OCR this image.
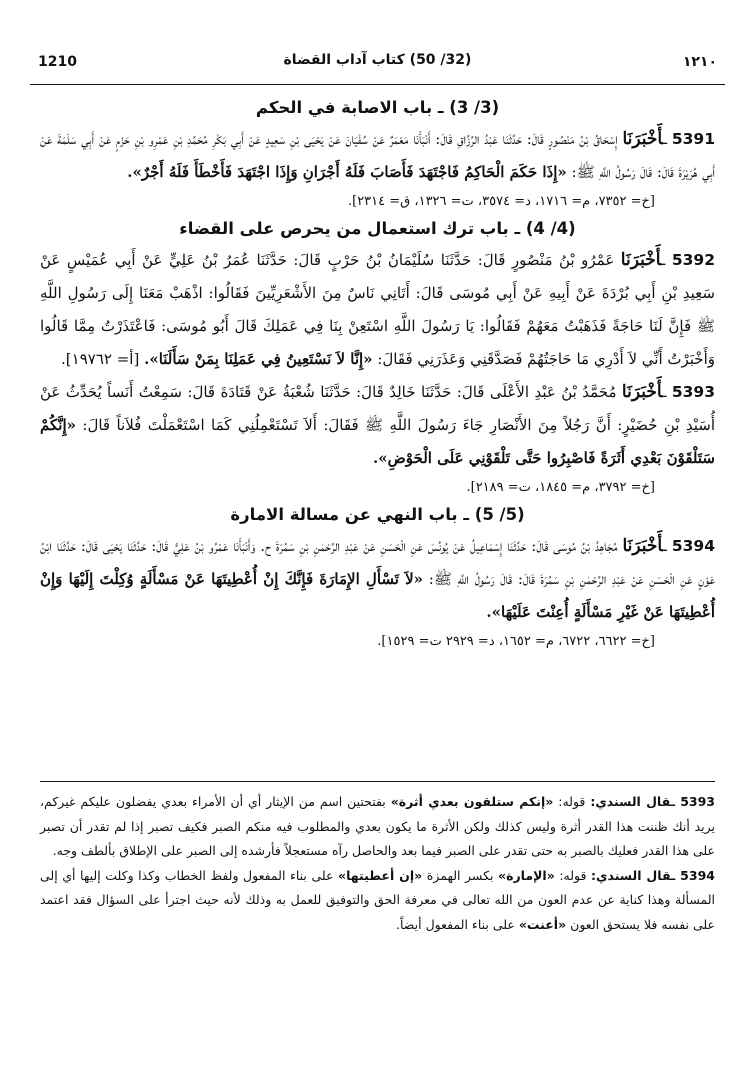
1210	(32/ 50) كتاب آداب القضاة	١٢١٠
(3/ 3) ـ باب الاصابة في الحكم

5391 ـأَخْبَرَنَا إِسْحَاقُ بْنُ مَنْصُورٍ قَالَ: حَدَّثَنَا عَبْدُ الرَّزَّاقِ قَالَ: أَنْبَأَنَا مَعْمَرٌ عَنْ سُفْيَانَ عَنْ يَحْيَى بْنِ سَعِيدٍ عَنْ أَبِي بَكْرِ مُحَمَّدِ بْنِ عَمْرِو بْنِ حَزْمٍ عَنْ أَبِي سَلَمَةَ عَنْ أَبِي هُرَيْرَةَ قَالَ: قَالَ رَسُولُ اللَّهِ ﷺ: «إِذَا حَكَمَ الْحَاكِمُ فَاجْتَهَدَ فَأَصَابَ فَلَهُ أَجْرَانِ وَإِذَا اجْتَهَدَ فَأَخْطَأَ فَلَهُ أَجْرٌ».

[خ= ٧٣٥٢، م= ١٧١٦، د= ٣٥٧٤، ت= ١٣٢٦، ق= ٢٣١٤].

(4/ 4) ـ باب ترك استعمال من يحرص على القضاء

5392 ـأَخْبَرَنَا عَمْرُو بْنُ مَنْصُورٍ قَالَ: حَدَّثَنَا سُلَيْمَانُ بْنُ حَرْبٍ قَالَ: حَدَّثَنَا عُمَرُ بْنُ عَلِيٍّ عَنْ أَبِي عُمَيْسٍ عَنْ سَعِيدِ بْنِ أَبِي بُرْدَةَ عَنْ أَبِيهِ عَنْ أَبِي مُوسَى قَالَ: أَتَانِي نَاسٌ مِنَ الأَشْعَرِيِّينَ فَقَالُوا: اذْهَبْ مَعَنَا إِلَى رَسُولِ اللَّهِ ﷺ فَإِنَّ لَنَا حَاجَةً فَذَهَبْتُ مَعَهُمْ فَقَالُوا: يَا رَسُولَ اللَّهِ اسْتَعِنْ بِنَا فِي عَمَلِكَ قَالَ أَبُو مُوسَى: فَاعْتَذَرْتُ مِمَّا قَالُوا وَأَخْبَرْتُ أَنِّي لاَ أَدْرِي مَا حَاجَتُهُمْ فَصَدَّقَنِي وَعَذَرَنِي فَقَالَ: «إِنَّا لاَ نَسْتَعِينُ فِي عَمَلِنَا بِمَنْ سَأَلَنَا». [أ= ١٩٧٦٢].

5393 ـأَخْبَرَنَا مُحَمَّدُ بْنُ عَبْدِ الأَعْلَى قَالَ: حَدَّثَنَا خَالِدٌ قَالَ: حَدَّثَنَا شُعْبَةُ عَنْ قَتَادَةَ قَالَ: سَمِعْتُ أَنَساً يُحَدِّثُ عَنْ أُسَيْدِ بْنِ حُضَيْرٍ: أَنَّ رَجُلاً مِنَ الأَنْصَارِ جَاءَ رَسُولَ اللَّهِ ﷺ فَقَالَ: أَلاَ تَسْتَعْمِلُنِي كَمَا اسْتَعْمَلْتَ فُلاَناً قَالَ: «إِنَّكُمْ سَتَلْقَوْنَ بَعْدِي أَثَرَةً فَاصْبِرُوا حَتَّى تَلْقَوْنِي عَلَى الْحَوْضِ».

[خ= ٣٧٩٢، م= ١٨٤٥، ت= ٢١٨٩].

(5/ 5) ـ باب النهي عن مسالة الامارة

5394 ـأَخْبَرَنَا مُجَاهِدُ بْنُ مُوسَى قَالَ: حَدَّثَنَا إِسْمَاعِيلُ عَنْ يُونُسَ عَنِ الْحَسَنِ عَنْ عَبْدِ الرَّحْمٰنِ بْنِ سَمُرَةَ ح. وَأَنْبَأَنَا عَمْرُو بْنُ عَلِيٍّ قَالَ: حَدَّثَنَا يَحْيَى قَالَ: حَدَّثَنَا ابْنُ عَوْنٍ عَنِ الْحَسَنِ عَنْ عَبْدِ الرَّحْمٰنِ بْنِ سَمُرَةَ قَالَ: قَالَ رَسُولُ اللَّهِ ﷺ: «لاَ تَسْأَلِ الإِمَارَةَ فَإِنَّكَ إِنْ أُعْطِيتَهَا عَنْ مَسْأَلَةٍ وُكِلْتَ إِلَيْهَا وَإِنْ أُعْطِيتَهَا عَنْ غَيْرِ مَسْأَلَةٍ أُعِنْتَ عَلَيْهَا».

[خ= ٦٦٢٢، ٦٧٢٢، م= ١٦٥٢، د= ٢٩٢٩ ت= ١٥٢٩].

5393 ـقال السندي: قوله: «إنكم ستلقون بعدي أثرة» بفتحتين اسم من الإيثار أي أن الأمراء بعدي يفضلون عليكم غيركم، يريد أنك ظننت هذا القدر أثرة وليس كذلك ولكن الأثرة ما يكون بعدي والمطلوب فيه منكم الصبر فكيف تصبر إذا لم تقدر أن تصبر على هذا القدر فعليك بالصبر به حتى تقدر على الصبر فيما بعد والحاصل رآه مستعجلاً فأرشده إلى الصبر على الإطلاق بألطف وجه.

5394 ـقال السندي: قوله: «الإمارة» بكسر الهمزة «إن أعطيتها» على بناء المفعول ولفظ الخطاب وكذا وكلت إليها أي إلى المسألة وهذا كناية عن عدم العون من الله تعالى في معرفة الحق والتوفيق للعمل به وذلك لأنه حيث اجترأ على السؤال فقد اعتمد على نفسه فلا يستحق العون «أعنت» على بناء المفعول أيضاً.
